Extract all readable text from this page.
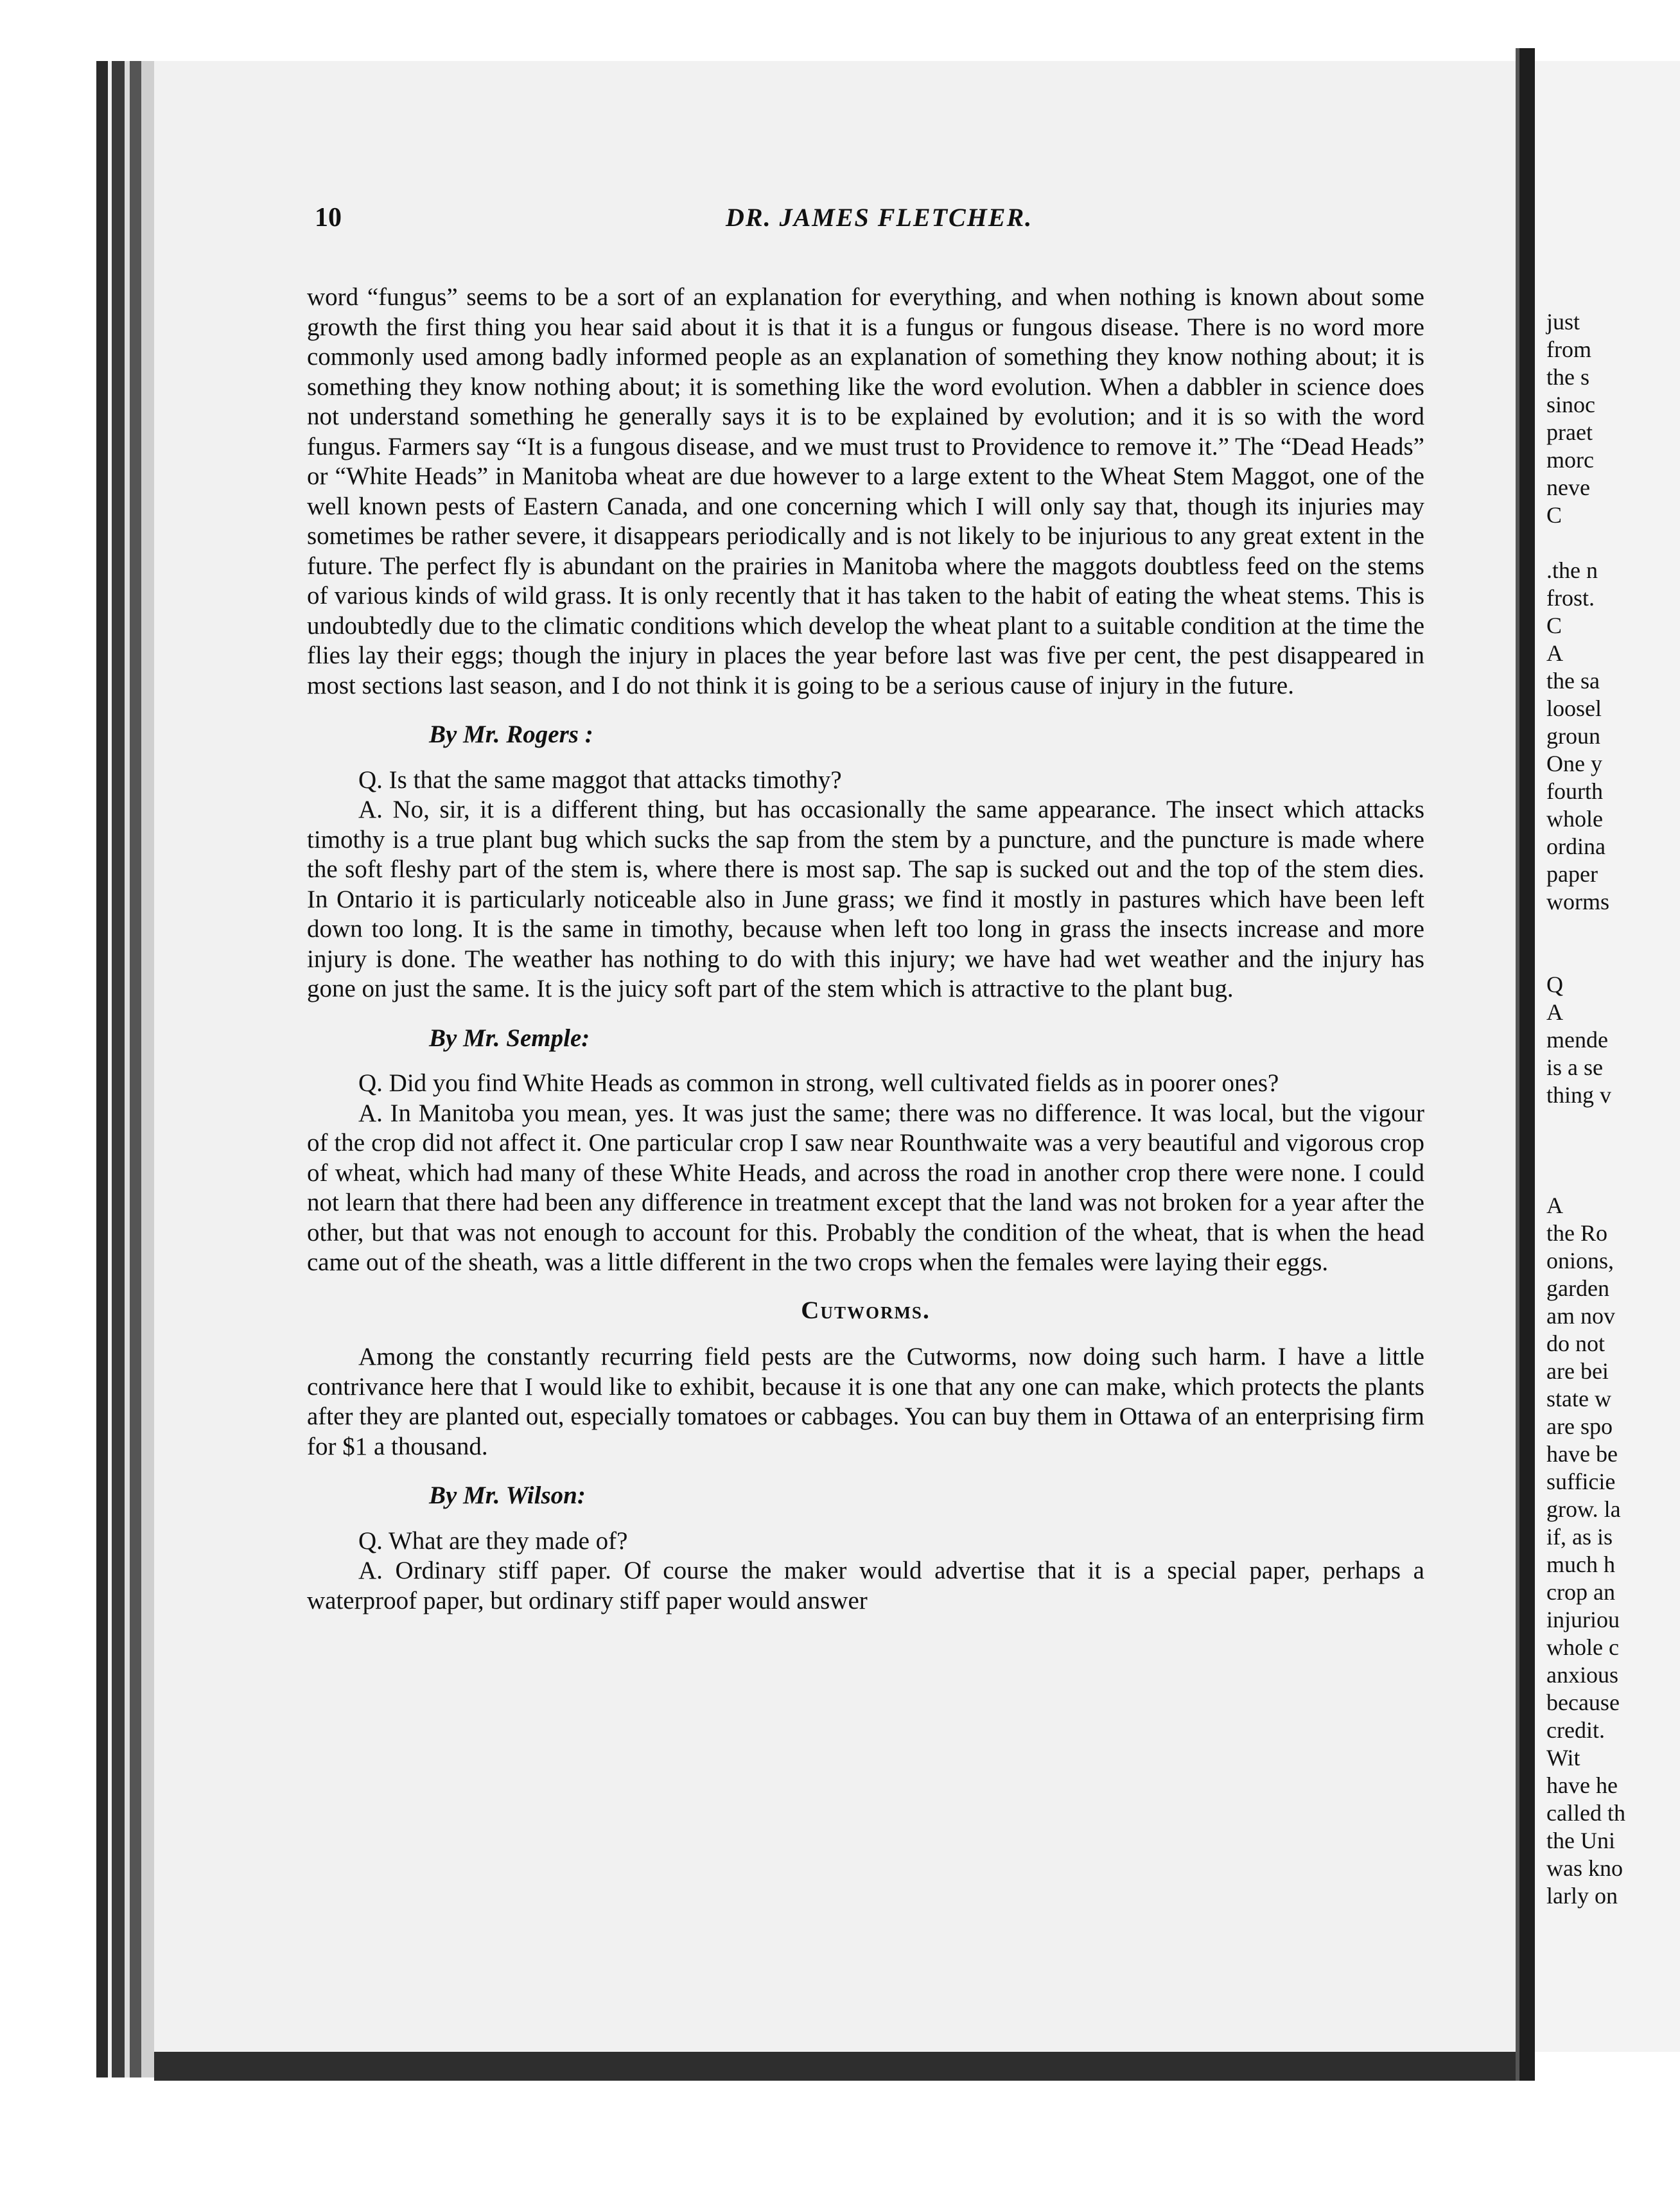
10	DR. JAMES FLETCHER.

word “fungus” seems to be a sort of an explanation for everything, and when nothing is known about some growth the first thing you hear said about it is that it is a fungus or fungous disease. There is no word more commonly used among badly informed people as an explanation of something they know nothing about; it is something they know nothing about; it is something like the word evolution. When a dabbler in science does not understand something he generally says it is to be explained by evolution; and it is so with the word fungus. Farmers say “It is a fungous disease, and we must trust to Providence to remove it.” The “Dead Heads” or “White Heads” in Manitoba wheat are due however to a large extent to the Wheat Stem Maggot, one of the well known pests of Eastern Canada, and one concerning which I will only say that, though its injuries may sometimes be rather severe, it disappears periodically and is not likely to be injurious to any great extent in the future. The perfect fly is abundant on the prairies in Manitoba where the maggots doubtless feed on the stems of various kinds of wild grass. It is only recently that it has taken to the habit of eating the wheat stems. This is undoubtedly due to the climatic conditions which develop the wheat plant to a suitable condition at the time the flies lay their eggs; though the injury in places the year before last was five per cent, the pest disappeared in most sections last season, and I do not think it is going to be a serious cause of injury in the future.

By Mr. Rogers :

Q. Is that the same maggot that attacks timothy?

A. No, sir, it is a different thing, but has occasionally the same appearance. The insect which attacks timothy is a true plant bug which sucks the sap from the stem by a puncture, and the puncture is made where the soft fleshy part of the stem is, where there is most sap. The sap is sucked out and the top of the stem dies. In Ontario it is particularly noticeable also in June grass; we find it mostly in pastures which have been left down too long. It is the same in timothy, because when left too long in grass the insects increase and more injury is done. The weather has nothing to do with this injury; we have had wet weather and the injury has gone on just the same. It is the juicy soft part of the stem which is attractive to the plant bug.

By Mr. Semple:

Q. Did you find White Heads as common in strong, well cultivated fields as in poorer ones?

A. In Manitoba you mean, yes. It was just the same; there was no difference. It was local, but the vigour of the crop did not affect it. One particular crop I saw near Rounthwaite was a very beautiful and vigorous crop of wheat, which had many of these White Heads, and across the road in another crop there were none. I could not learn that there had been any difference in treatment except that the land was not broken for a year after the other, but that was not enough to account for this. Probably the condition of the wheat, that is when the head came out of the sheath, was a little different in the two crops when the females were laying their eggs.

Cutworms.

Among the constantly recurring field pests are the Cutworms, now doing such harm. I have a little contrivance here that I would like to exhibit, because it is one that any one can make, which protects the plants after they are planted out, especially tomatoes or cabbages. You can buy them in Ottawa of an enterprising firm for $1 a thousand.

By Mr. Wilson:

Q. What are they made of?

A. Ordinary stiff paper. Of course the maker would advertise that it is a special paper, perhaps a waterproof paper, but ordinary stiff paper would answer

just
from
the s
sinoc
praet
morc
neve
C
.the n
frost.
C
A
the sa
loosel
groun
One y
fourth
whole
ordina
paper
worms
Q
A
mende
is a se
thing v
A
the Ro
onions,
garden
am nov
do not
are bei
state w
are spo
have be
sufficie
grow. la
if, as is
much h
crop an
injuriou
whole c
anxious
because
credit.
Wit
have he
called th
the Uni
was kno
larly on
